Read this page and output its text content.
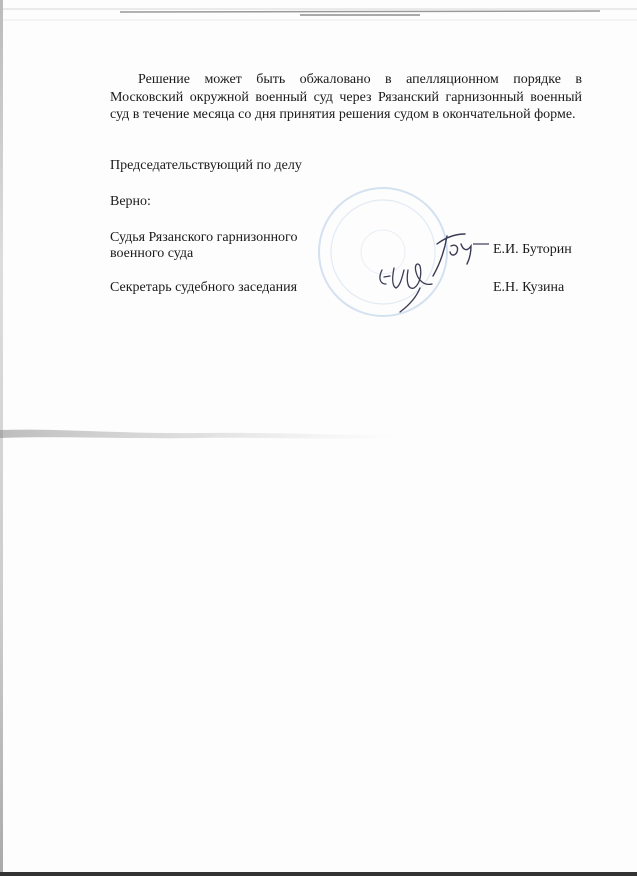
Решение может быть обжаловано в апелляционном порядке в Московский окружной военный суд через Рязанский гарнизонный военный суд в течение месяца со дня принятия решения судом в окончательной форме.

Председательствующий по делу

Верно:

Судья Рязанского гарнизонного

военного суда	Е.И. Буторин

Секретарь судебного заседания	Е.Н. Кузина
